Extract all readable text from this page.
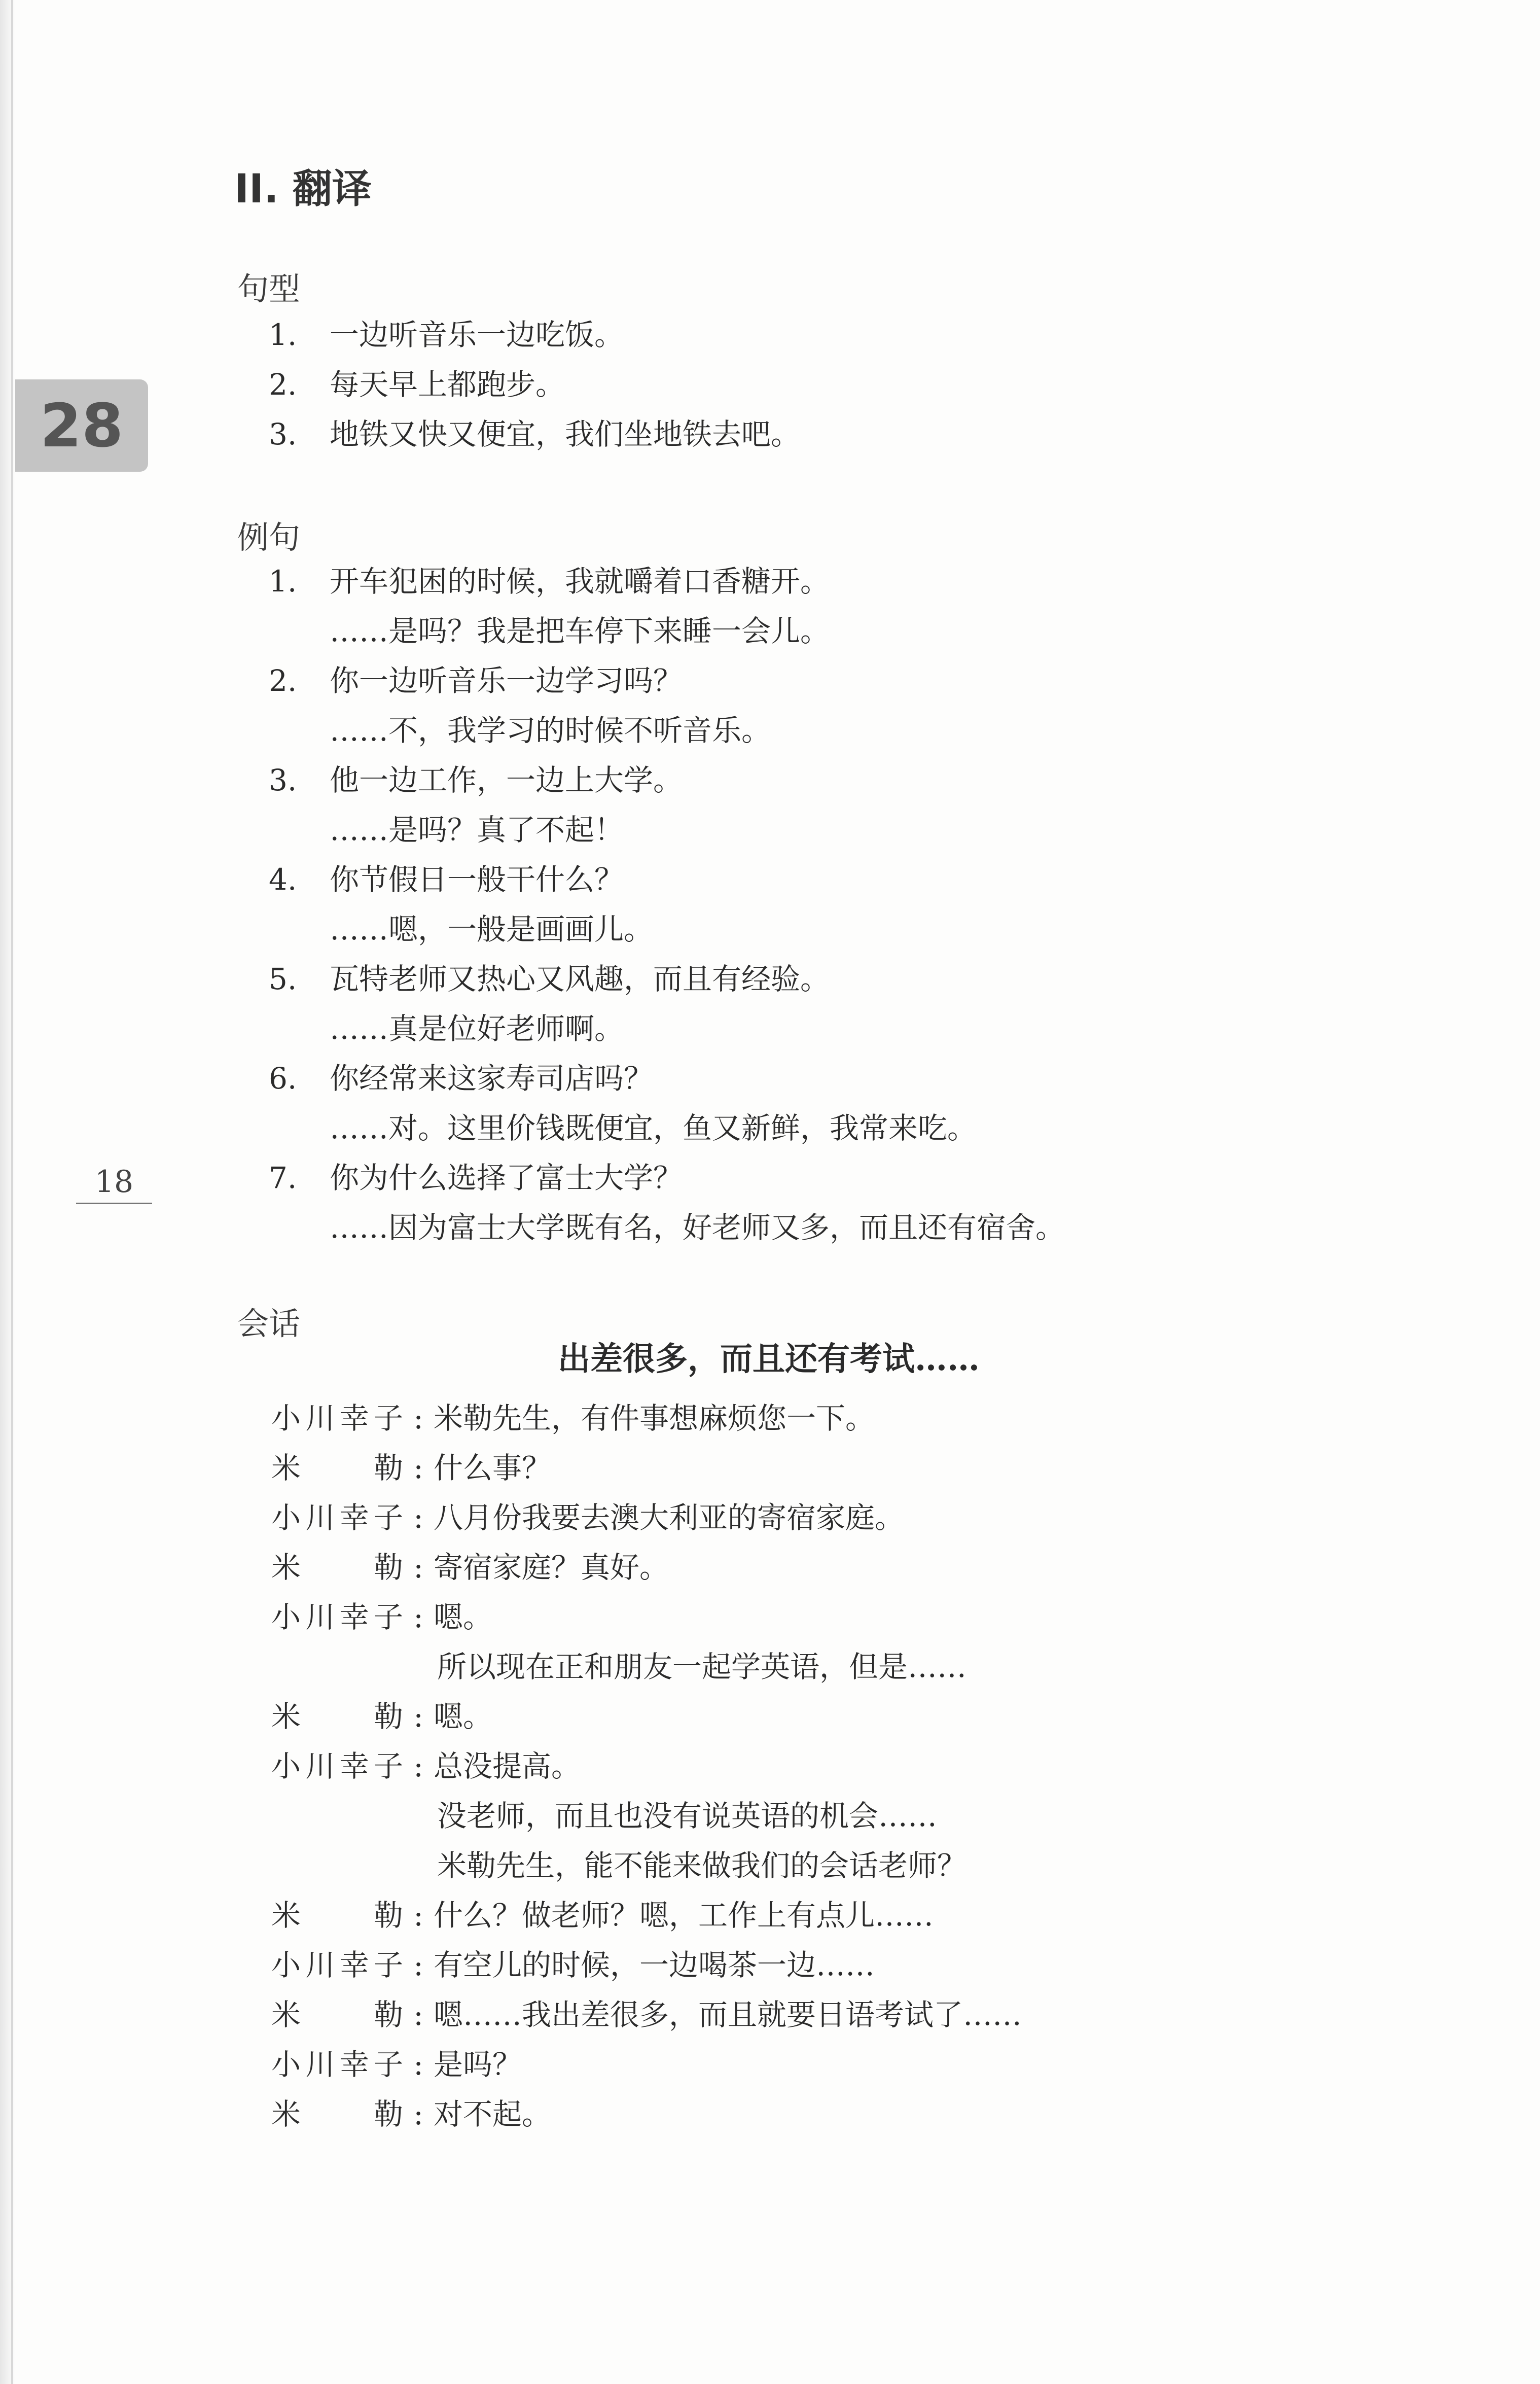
28
18
II. 翻译
句型
1. 一边听音乐一边吃饭。
2. 每天早上都跑步。
3. 地铁又快又便宜，我们坐地铁去吧。
例句
1. 开车犯困的时候，我就嚼着口香糖开。
……是吗？我是把车停下来睡一会儿。
2. 你一边听音乐一边学习吗？
……不，我学习的时候不听音乐。
3. 他一边工作，一边上大学。
……是吗？真了不起！
4. 你节假日一般干什么？
……嗯，一般是画画儿。
5. 瓦特老师又热心又风趣，而且有经验。
……真是位好老师啊。
6. 你经常来这家寿司店吗？
……对。这里价钱既便宜，鱼又新鲜，我常来吃。
7. 你为什么选择了富士大学？
……因为富士大学既有名，好老师又多，而且还有宿舍。
会话
出差很多，而且还有考试……
小川幸子 : 米勒先生，有件事想麻烦您一下。
米勒 : 什么事？
小川幸子 : 八月份我要去澳大利亚的寄宿家庭。
米勒 : 寄宿家庭？真好。
小川幸子 : 嗯。
所以现在正和朋友一起学英语，但是……
米勒 : 嗯。
小川幸子 : 总没提高。
没老师，而且也没有说英语的机会……
米勒先生，能不能来做我们的会话老师？
米勒 : 什么？做老师？嗯，工作上有点儿……
小川幸子 : 有空儿的时候，一边喝茶一边……
米勒 : 嗯……我出差很多，而且就要日语考试了……
小川幸子 : 是吗？
米勒 : 对不起。
